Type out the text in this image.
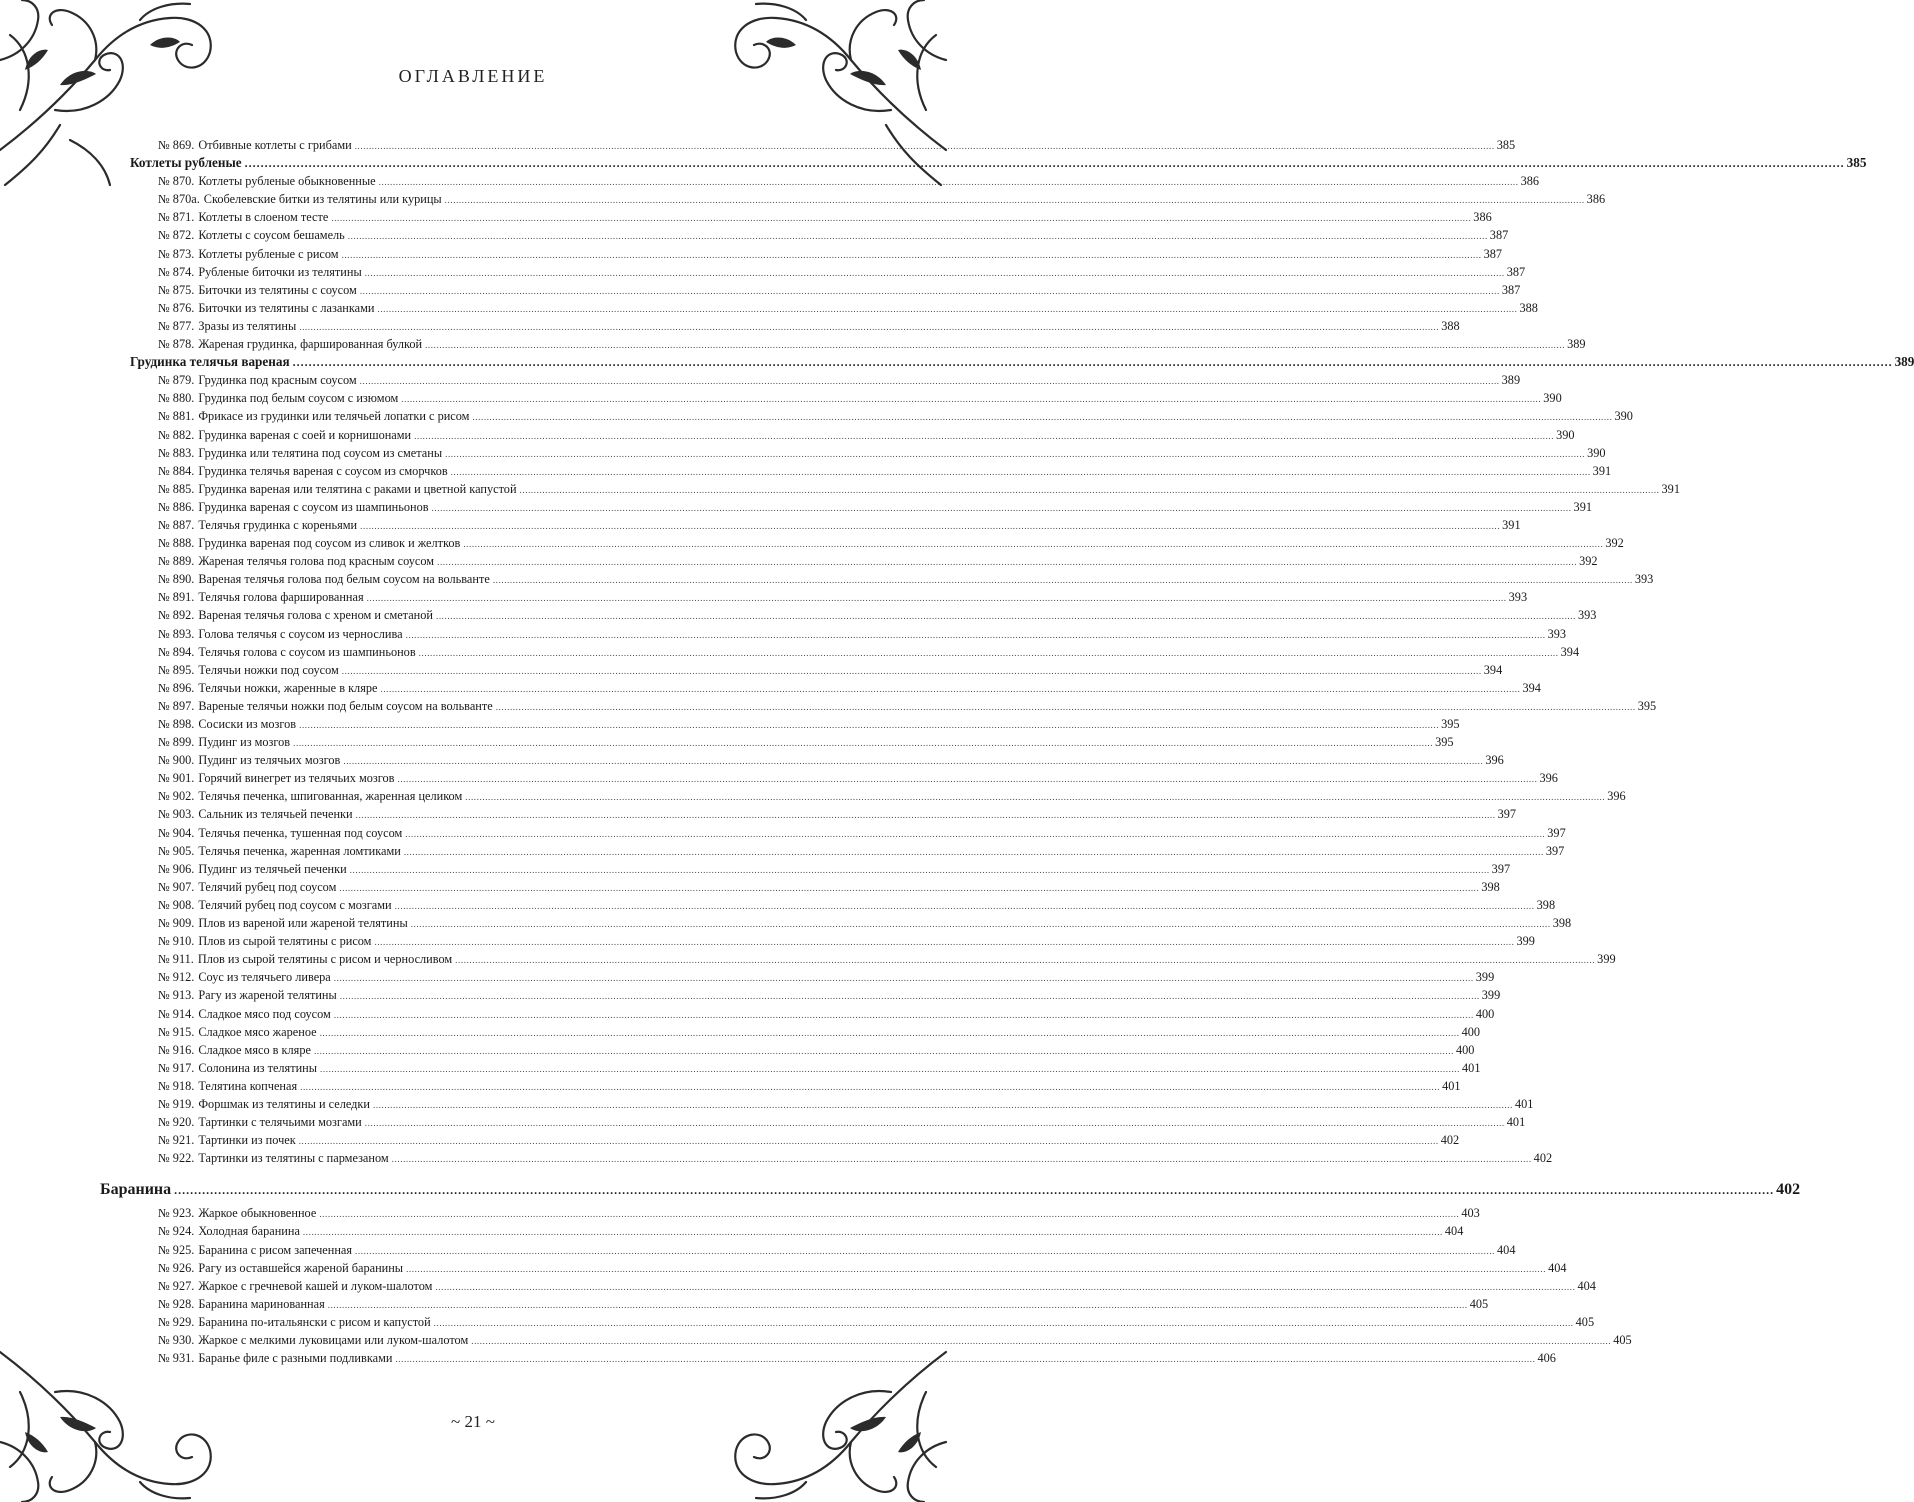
ОГЛАВЛЕНИЕ
№ 869. Отбивные котлеты с грибами ................................................................................................................................................................................................................................................................................................................................................................................................................ 385
Котлеты рубленые ................................................................................................................................................................................................................................................................................................................................................................................................................ 385
№ 870. Котлеты рубленые обыкновенные ................................................................................................................................................................................................................................................................................................................................................................................................................ 386
№ 870а. Скобелевские битки из телятины или курицы ................................................................................................................................................................................................................................................................................................................................................................................................................ 386
№ 871. Котлеты в слоеном тесте ................................................................................................................................................................................................................................................................................................................................................................................................................ 386
№ 872. Котлеты с соусом бешамель ................................................................................................................................................................................................................................................................................................................................................................................................................ 387
№ 873. Котлеты рубленые с рисом ................................................................................................................................................................................................................................................................................................................................................................................................................ 387
№ 874. Рубленые биточки из телятины ................................................................................................................................................................................................................................................................................................................................................................................................................ 387
№ 875. Биточки из телятины с соусом ................................................................................................................................................................................................................................................................................................................................................................................................................ 387
№ 876. Биточки из телятины с лазанками ................................................................................................................................................................................................................................................................................................................................................................................................................ 388
№ 877. Зразы из телятины ................................................................................................................................................................................................................................................................................................................................................................................................................ 388
№ 878. Жареная грудинка, фаршированная булкой ................................................................................................................................................................................................................................................................................................................................................................................................................ 389
Грудинка телячья вареная ................................................................................................................................................................................................................................................................................................................................................................................................................ 389
№ 879. Грудинка под красным соусом ................................................................................................................................................................................................................................................................................................................................................................................................................ 389
№ 880. Грудинка под белым соусом с изюмом ................................................................................................................................................................................................................................................................................................................................................................................................................ 390
№ 881. Фрикасе из грудинки или телячьей лопатки с рисом ................................................................................................................................................................................................................................................................................................................................................................................................................ 390
№ 882. Грудинка вареная с соей и корнишонами ................................................................................................................................................................................................................................................................................................................................................................................................................ 390
№ 883. Грудинка или телятина под соусом из сметаны ................................................................................................................................................................................................................................................................................................................................................................................................................ 390
№ 884. Грудинка телячья вареная с соусом из сморчков ................................................................................................................................................................................................................................................................................................................................................................................................................ 391
№ 885. Грудинка вареная или телятина с раками и цветной капустой ................................................................................................................................................................................................................................................................................................................................................................................................................ 391
№ 886. Грудинка вареная с соусом из шампиньонов ................................................................................................................................................................................................................................................................................................................................................................................................................ 391
№ 887. Телячья грудинка с кореньями ................................................................................................................................................................................................................................................................................................................................................................................................................ 391
№ 888. Грудинка вареная под соусом из сливок и желтков ................................................................................................................................................................................................................................................................................................................................................................................................................ 392
№ 889. Жареная телячья голова под красным соусом ................................................................................................................................................................................................................................................................................................................................................................................................................ 392
№ 890. Вареная телячья голова под белым соусом на вольванте ................................................................................................................................................................................................................................................................................................................................................................................................................ 393
№ 891. Телячья голова фаршированная ................................................................................................................................................................................................................................................................................................................................................................................................................ 393
№ 892. Вареная телячья голова с хреном и сметаной ................................................................................................................................................................................................................................................................................................................................................................................................................ 393
№ 893. Голова телячья с соусом из чернослива ................................................................................................................................................................................................................................................................................................................................................................................................................ 393
№ 894. Телячья голова с соусом из шампиньонов ................................................................................................................................................................................................................................................................................................................................................................................................................ 394
№ 895. Телячьи ножки под соусом ................................................................................................................................................................................................................................................................................................................................................................................................................ 394
№ 896. Телячьи ножки, жаренные в кляре ................................................................................................................................................................................................................................................................................................................................................................................................................ 394
№ 897. Вареные телячьи ножки под белым соусом на вольванте ................................................................................................................................................................................................................................................................................................................................................................................................................ 395
№ 898. Сосиски из мозгов ................................................................................................................................................................................................................................................................................................................................................................................................................ 395
№ 899. Пудинг из мозгов ................................................................................................................................................................................................................................................................................................................................................................................................................ 395
№ 900. Пудинг из телячьих мозгов ................................................................................................................................................................................................................................................................................................................................................................................................................ 396
№ 901. Горячий винегрет из телячьих мозгов ................................................................................................................................................................................................................................................................................................................................................................................................................ 396
№ 902. Телячья печенка, шпигованная, жаренная целиком ................................................................................................................................................................................................................................................................................................................................................................................................................ 396
№ 903. Сальник из телячьей печенки ................................................................................................................................................................................................................................................................................................................................................................................................................ 397
№ 904. Телячья печенка, тушенная под соусом ................................................................................................................................................................................................................................................................................................................................................................................................................ 397
№ 905. Телячья печенка, жаренная ломтиками ................................................................................................................................................................................................................................................................................................................................................................................................................ 397
№ 906. Пудинг из телячьей печенки ................................................................................................................................................................................................................................................................................................................................................................................................................ 397
№ 907. Телячий рубец под соусом ................................................................................................................................................................................................................................................................................................................................................................................................................ 398
№ 908. Телячий рубец под соусом с мозгами ................................................................................................................................................................................................................................................................................................................................................................................................................ 398
№ 909. Плов из вареной или жареной телятины ................................................................................................................................................................................................................................................................................................................................................................................................................ 398
№ 910. Плов из сырой телятины с рисом ................................................................................................................................................................................................................................................................................................................................................................................................................ 399
№ 911. Плов из сырой телятины с рисом и черносливом ................................................................................................................................................................................................................................................................................................................................................................................................................ 399
№ 912. Соус из телячьего ливера ................................................................................................................................................................................................................................................................................................................................................................................................................ 399
№ 913. Рагу из жареной телятины ................................................................................................................................................................................................................................................................................................................................................................................................................ 399
№ 914. Сладкое мясо под соусом ................................................................................................................................................................................................................................................................................................................................................................................................................ 400
№ 915. Сладкое мясо жареное ................................................................................................................................................................................................................................................................................................................................................................................................................ 400
№ 916. Сладкое мясо в кляре ................................................................................................................................................................................................................................................................................................................................................................................................................ 400
№ 917. Солонина из телятины ................................................................................................................................................................................................................................................................................................................................................................................................................ 401
№ 918. Телятина копченая ................................................................................................................................................................................................................................................................................................................................................................................................................ 401
№ 919. Форшмак из телятины и селедки ................................................................................................................................................................................................................................................................................................................................................................................................................ 401
№ 920. Тартинки с телячьими мозгами ................................................................................................................................................................................................................................................................................................................................................................................................................ 401
№ 921. Тартинки из почек ................................................................................................................................................................................................................................................................................................................................................................................................................ 402
№ 922. Тартинки из телятины с пармезаном ................................................................................................................................................................................................................................................................................................................................................................................................................ 402
Баранина ................................................................................................................................................................................................................................................................................................................................................................................................................ 402
№ 923. Жаркое обыкновенное ................................................................................................................................................................................................................................................................................................................................................................................................................ 403
№ 924. Холодная баранина ................................................................................................................................................................................................................................................................................................................................................................................................................ 404
№ 925. Баранина с рисом запеченная ................................................................................................................................................................................................................................................................................................................................................................................................................ 404
№ 926. Рагу из оставшейся жареной баранины ................................................................................................................................................................................................................................................................................................................................................................................................................ 404
№ 927. Жаркое с гречневой кашей и луком-шалотом ................................................................................................................................................................................................................................................................................................................................................................................................................ 404
№ 928. Баранина маринованная ................................................................................................................................................................................................................................................................................................................................................................................................................ 405
№ 929. Баранина по-итальянски с рисом и капустой ................................................................................................................................................................................................................................................................................................................................................................................................................ 405
№ 930. Жаркое с мелкими луковицами или луком-шалотом ................................................................................................................................................................................................................................................................................................................................................................................................................ 405
№ 931. Баранье филе с разными подливками ................................................................................................................................................................................................................................................................................................................................................................................................................ 406
~ 21 ~
